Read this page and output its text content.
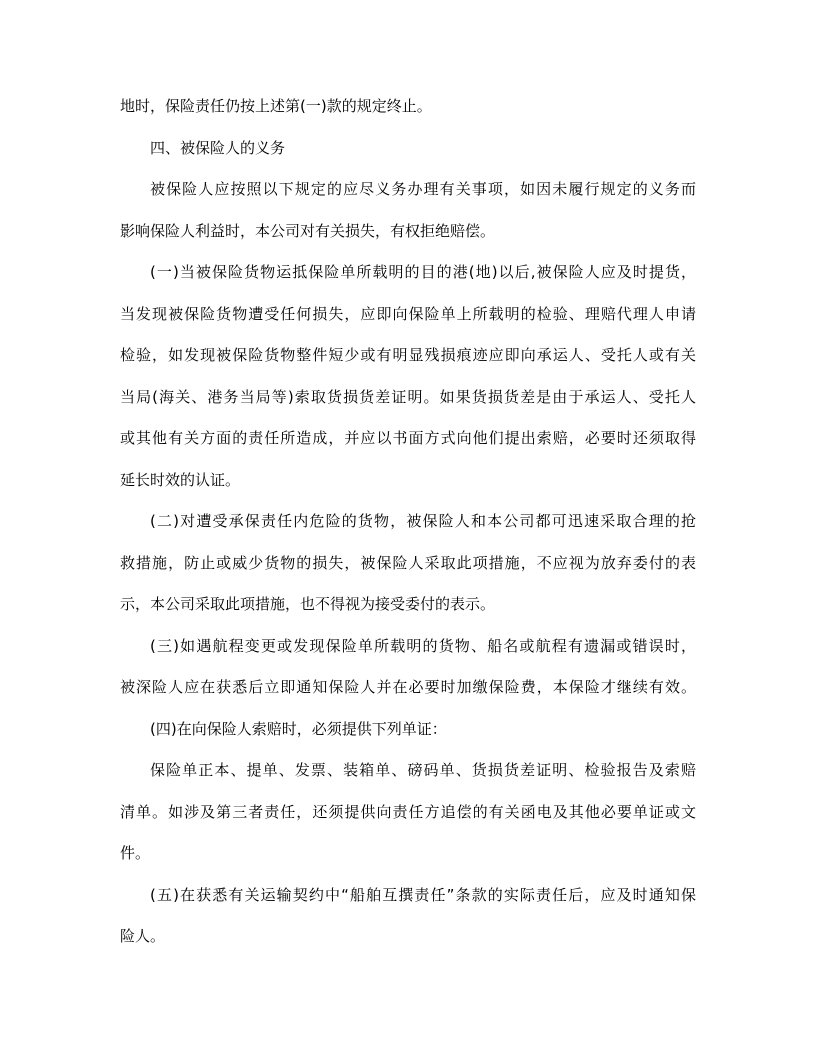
地时，保险责任仍按上述第(一)款的规定终止。
四、被保险人的义务
被保险人应按照以下规定的应尽义务办理有关事项，如因未履行规定的义务而
影响保险人利益时，本公司对有关损失，有权拒绝赔偿。
(一)当被保险货物运抵保险单所载明的目的港(地)以后,被保险人应及时提货，
当发现被保险货物遭受任何损失，应即向保险单上所载明的检验、理赔代理人申请
检验，如发现被保险货物整件短少或有明显残损痕迹应即向承运人、受托人或有关
当局(海关、港务当局等)索取货损货差证明。如果货损货差是由于承运人、受托人
或其他有关方面的责任所造成，并应以书面方式向他们提出索赔，必要时还须取得
延长时效的认证。
(二)对遭受承保责任内危险的货物，被保险人和本公司都可迅速采取合理的抢
救措施，防止或威少货物的损失，被保险人采取此项措施，不应视为放弃委付的表
示，本公司采取此项措施，也不得视为接受委付的表示。
(三)如遇航程变更或发现保险单所载明的货物、船名或航程有遗漏或错误时，
被深险人应在获悉后立即通知保险人并在必要时加缴保险费，本保险才继续有效。
(四)在向保险人索赔时，必须提供下列单证：
保险单正本、提单、发票、装箱单、磅码单、货损货差证明、检验报告及索赔
清单。如涉及第三者责任，还须提供向责任方追偿的有关函电及其他必要单证或文
件。
(五)在获悉有关运输契约中“船舶互撰责任”条款的实际责任后，应及时通知保
险人。
